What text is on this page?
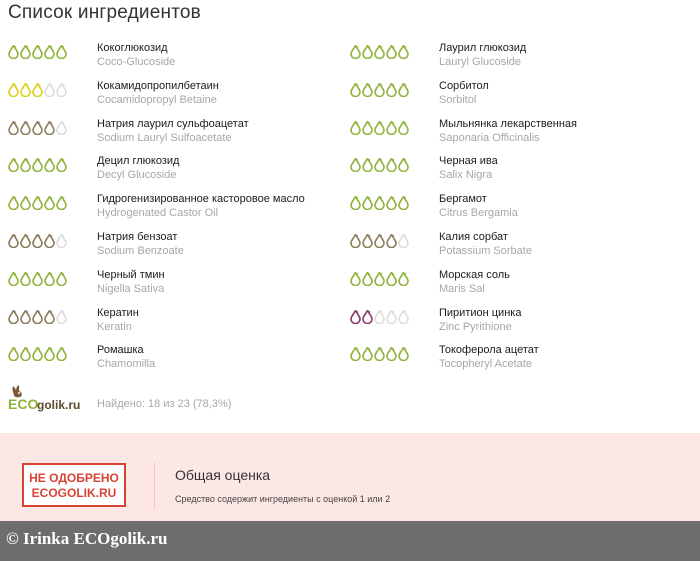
Список ингредиентов
Кокоглюкозид
Coco-Glucoside
Кокамидопропилбетаин
Cocamidopropyl Betaine
Натрия лаурил сульфоацетат
Sodium Lauryl Sulfoacetate
Децил глюкозид
Decyl Glucoside
Гидрогенизированное касторовое масло
Hydrogenated Castor Oil
Натрия бензоат
Sodium Benzoate
Черный тмин
Nigella Sativa
Кератин
Keratin
Ромашка
Chamomilla
Лаурил глюкозид
Lauryl Glucoside
Сорбитол
Sorbitol
Мыльнянка лекарственная
Saponaria Officinalis
Черная ива
Salix Nigra
Бергамот
Citrus Bergamia
Калия сорбат
Potassium Sorbate
Морская соль
Maris Sal
Пиритион цинка
Zinc Pyrithione
Токоферола ацетат
Tocopheryl Acetate
ECO
golik.ru Найдено: 18 из 23 (78,3%)
НЕ ОДОБРЕНО
ECOGOLIK.RU
Общая оценка
Средство содержит ингредиенты с оценкой 1 или 2
© Irinka ECOgolik.ru
